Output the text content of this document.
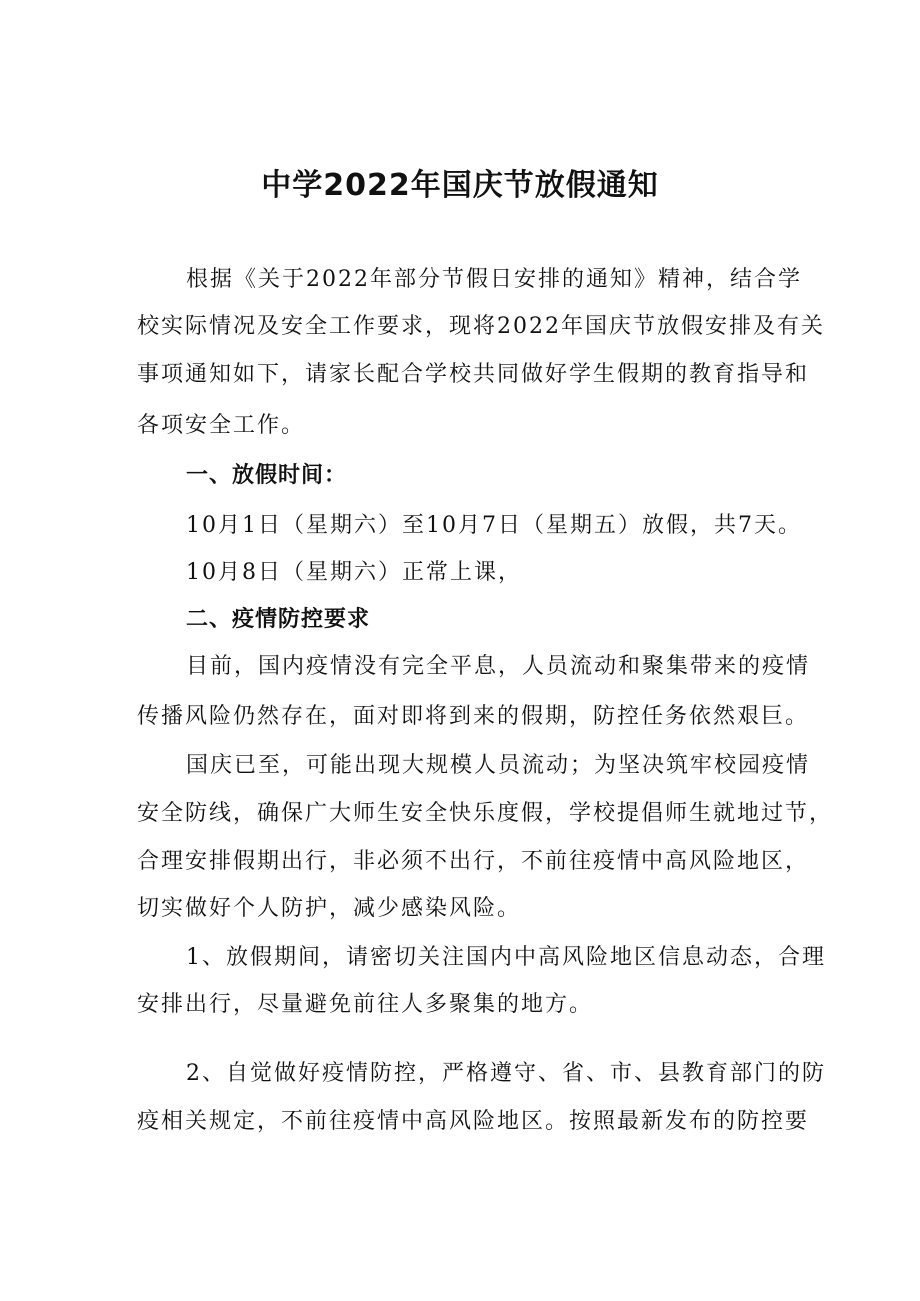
中学2022年国庆节放假通知

根据《关于2022年部分节假日安排的通知》精神，结合学

校实际情况及安全工作要求，现将2022年国庆节放假安排及有关

事项通知如下，请家长配合学校共同做好学生假期的教育指导和

各项安全工作。

一、放假时间：

10月1日（星期六）至10月7日（星期五）放假，共7天。

10月8日（星期六）正常上课，

二、疫情防控要求

目前，国内疫情没有完全平息，人员流动和聚集带来的疫情

传播风险仍然存在，面对即将到来的假期，防控任务依然艰巨。

国庆已至，可能出现大规模人员流动；为坚决筑牢校园疫情

安全防线，确保广大师生安全快乐度假，学校提倡师生就地过节，

合理安排假期出行，非必须不出行，不前往疫情中高风险地区，

切实做好个人防护，减少感染风险。

1、放假期间，请密切关注国内中高风险地区信息动态，合理

安排出行，尽量避免前往人多聚集的地方。

2、自觉做好疫情防控，严格遵守、省、市、县教育部门的防

疫相关规定，不前往疫情中高风险地区。按照最新发布的防控要
